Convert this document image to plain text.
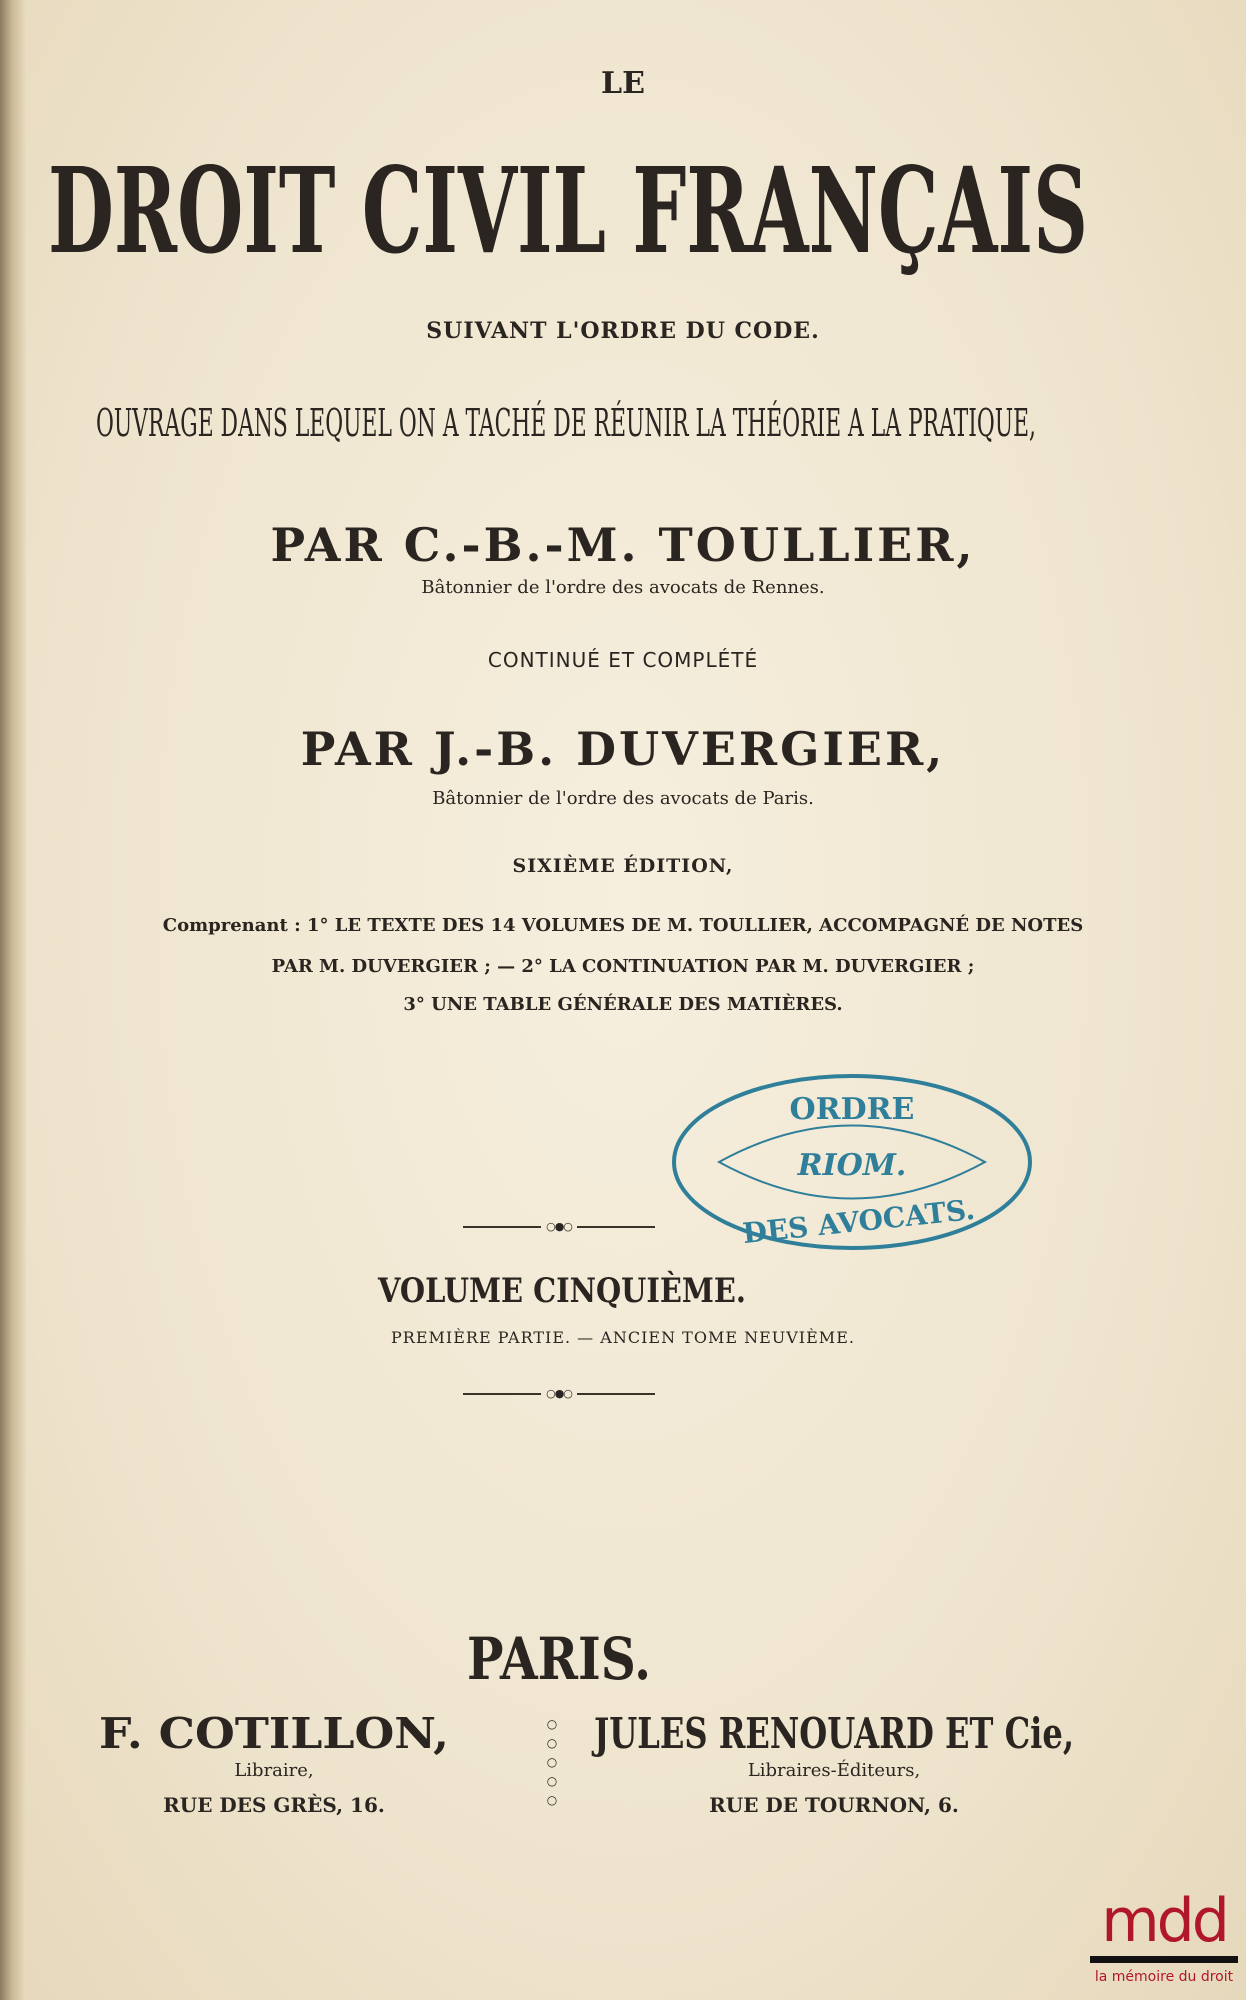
LE
DROIT CIVIL FRANÇAIS
SUIVANT L'ORDRE DU CODE.
OUVRAGE DANS LEQUEL ON A TACHÉ DE RÉUNIR LA THÉORIE A LA PRATIQUE,
PAR C.-B.-M. TOULLIER,
Bâtonnier de l'ordre des avocats de Rennes.
CONTINUÉ ET COMPLÉTÉ
PAR J.-B. DUVERGIER,
Bâtonnier de l'ordre des avocats de Paris.
SIXIÈME ÉDITION,
Comprenant : 1° LE TEXTE DES 14 VOLUMES DE M. TOULLIER, ACCOMPAGNÉ DE NOTES
PAR M. DUVERGIER ; — 2° LA CONTINUATION PAR M. DUVERGIER ;
3° UNE TABLE GÉNÉRALE DES MATIÈRES.
ORDRE
RIOM.
DES AVOCATS.
○●○
VOLUME CINQUIÈME.
PREMIÈRE PARTIE. — ANCIEN TOME NEUVIÈME.
○●○
PARIS.
F. COTILLON,
Libraire,
RUE DES GRÈS, 16.
○
○
○
○
○
JULES RENOUARD ET Cie,
Libraires-Éditeurs,
RUE DE TOURNON, 6.
mdd
la mémoire du droit
